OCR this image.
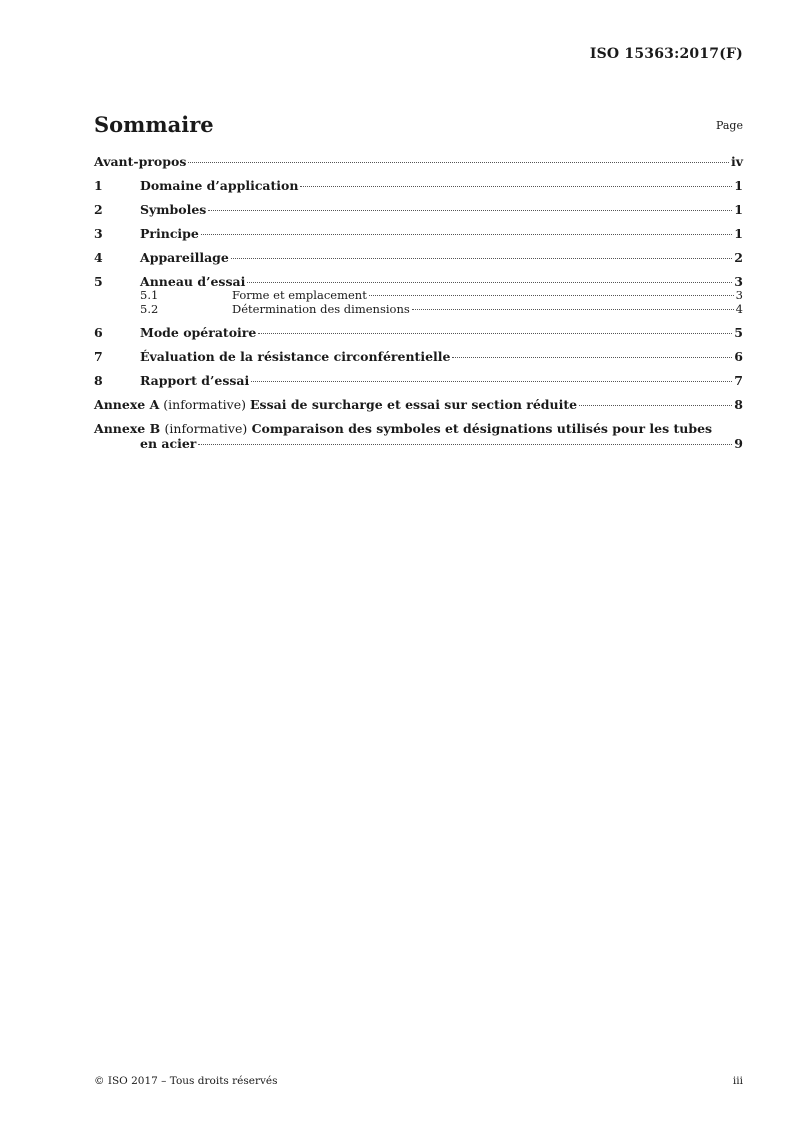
ISO 15363:2017(F)
Sommaire	Page
Avant-propos	iv
1	Domaine d’application	1
2	Symboles	1
3	Principe	1
4	Appareillage	2
5	Anneau d’essai	3
5.1	Forme et emplacement	3
5.2	Détermination des dimensions	4
6	Mode opératoire	5
7	Évaluation de la résistance circonférentielle	6
8	Rapport d’essai	7
Annexe A (informative) Essai de surcharge et essai sur section réduite	8
Annexe B (informative) Comparaison des symboles et désignations utilisés pour les tubes
en acier	9
© ISO 2017 – Tous droits réservés	iii
